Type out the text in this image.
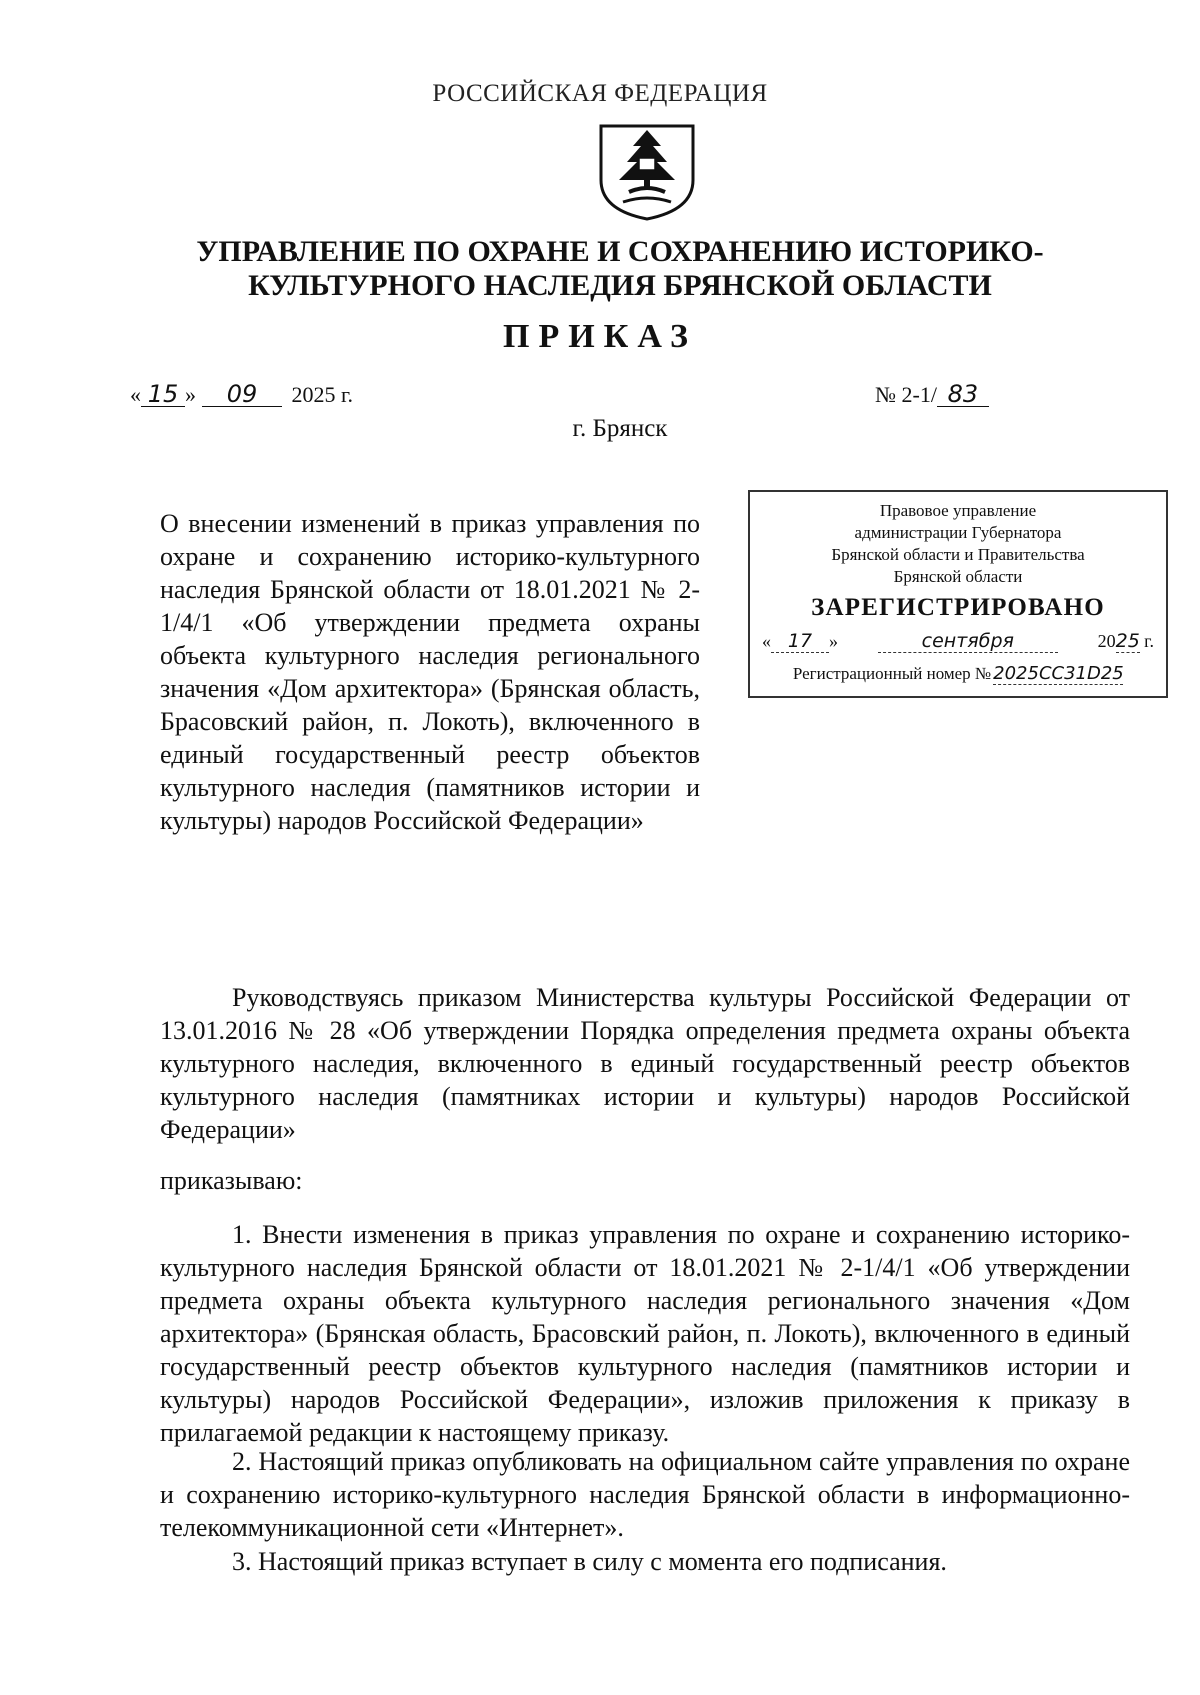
РОССИЙСКАЯ ФЕДЕРАЦИЯ
УПРАВЛЕНИЕ ПО ОХРАНЕ И СОХРАНЕНИЮ ИСТОРИКО-КУЛЬТУРНОГО НАСЛЕДИЯ БРЯНСКОЙ ОБЛАСТИ
ПРИКАЗ
« 15 » 09 2025 г.	№ 2-1/ 83
г. Брянск
О внесении изменений в приказ управления по охране и сохранению историко-культурного наследия Брянской области от 18.01.2021 № 2-1/4/1 «Об утверждении предмета охраны объекта культурного наследия регионального значения «Дом архитектора» (Брянская область, Брасовский район, п. Локоть), включенного в единый государственный реестр объектов культурного наследия (памятников истории и культуры) народов Российской Федерации»
Правовое управление
администрации Губернатора
Брянской области и Правительства
Брянской области
ЗАРЕГИСТРИРОВАНО
« 17 »	сентября	2025 г.
Регистрационный номер № 2025СС31D25
Руководствуясь приказом Министерства культуры Российской Федерации от 13.01.2016 № 28 «Об утверждении Порядка определения предмета охраны объекта культурного наследия, включенного в единый государственный реестр объектов культурного наследия (памятниках истории и культуры) народов Российской Федерации»
приказываю:
1. Внести изменения в приказ управления по охране и сохранению историко-культурного наследия Брянской области от 18.01.2021 № 2-1/4/1 «Об утверждении предмета охраны объекта культурного наследия регионального значения «Дом архитектора» (Брянская область, Брасовский район, п. Локоть), включенного в единый государственный реестр объектов культурного наследия (памятников истории и культуры) народов Российской Федерации», изложив приложения к приказу в прилагаемой редакции к настоящему приказу.
2. Настоящий приказ опубликовать на официальном сайте управления по охране и сохранению историко-культурного наследия Брянской области в информационно-телекоммуникационной сети «Интернет».
3. Настоящий приказ вступает в силу с момента его подписания.
